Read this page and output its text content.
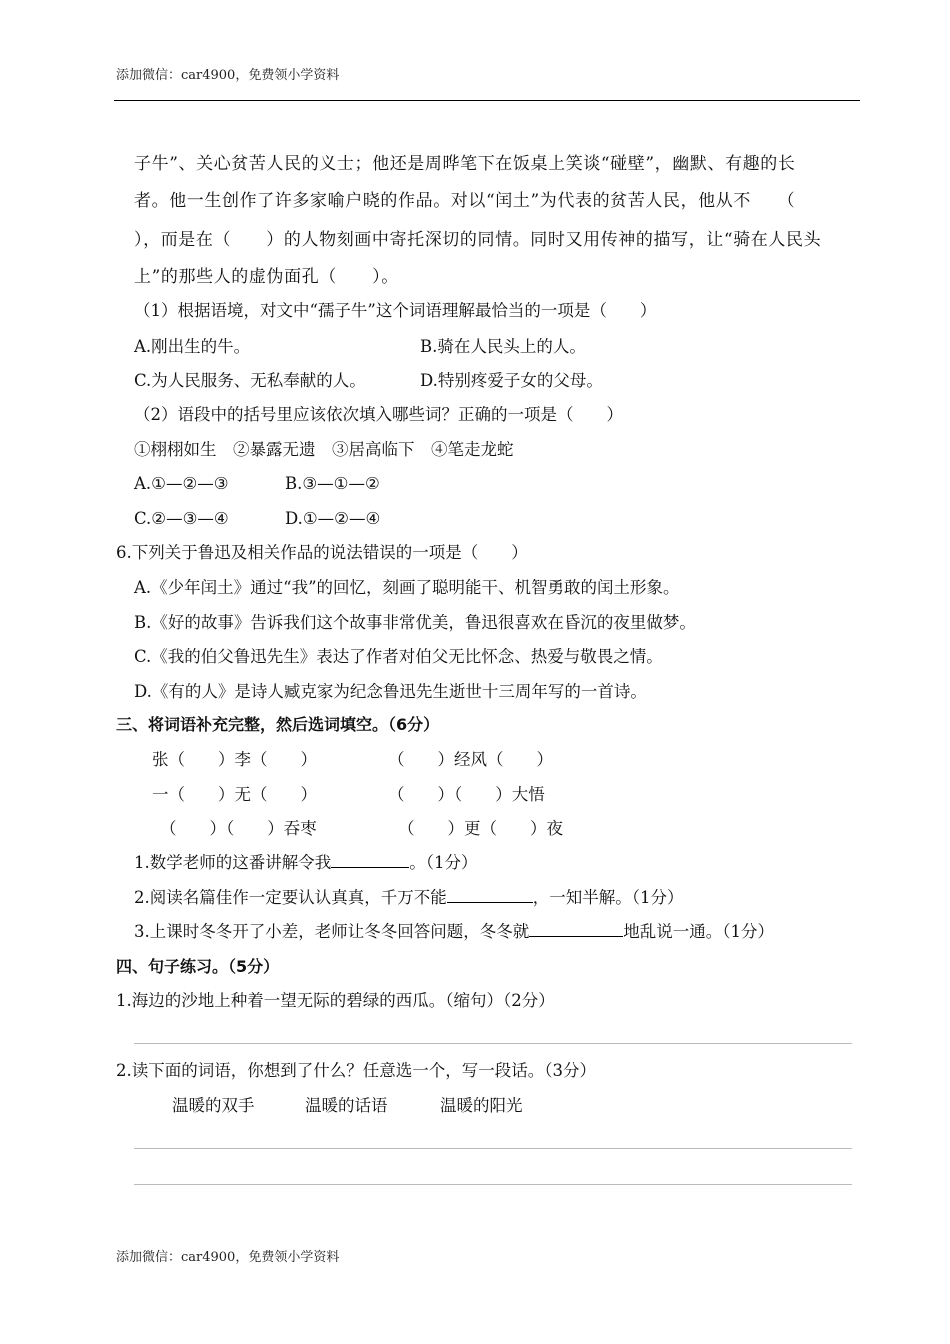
添加微信：car4900，免费领小学资料
子牛”、关心贫苦人民的义士；他还是周晔笔下在饭桌上笑谈“碰壁”，幽默、有趣的长
者。他一生创作了许多家喻户晓的作品。对以“闰土”为代表的贫苦人民，他从不　　（
），而是在（　　）的人物刻画中寄托深切的同情。同时又用传神的描写，让“骑在人民头
上”的那些人的虚伪面孔（　　）。
（1）根据语境，对文中“孺子牛”这个词语理解最恰当的一项是（　　）
A.刚出生的牛。	B.骑在人民头上的人。
C.为人民服务、无私奉献的人。	D.特别疼爱子女的父母。
（2）语段中的括号里应该依次填入哪些词？正确的一项是（　　）
①栩栩如生　②暴露无遗　③居高临下　④笔走龙蛇
A.①—②—③	B.③—①—②
C.②—③—④	D.①—②—④
6.下列关于鲁迅及相关作品的说法错误的一项是（　　）
A.《少年闰土》通过“我”的回忆，刻画了聪明能干、机智勇敢的闰土形象。
B.《好的故事》告诉我们这个故事非常优美，鲁迅很喜欢在昏沉的夜里做梦。
C.《我的伯父鲁迅先生》表达了作者对伯父无比怀念、热爱与敬畏之情。
D.《有的人》是诗人臧克家为纪念鲁迅先生逝世十三周年写的一首诗。
三、将词语补充完整，然后选词填空。（6分）
张（　　）李（　　）	（　　）经风（　　）
一（　　）无（　　）	（　　）（　　）大悟
（　　）（　　）吞枣	（　　）更（　　）夜
1.数学老师的这番讲解令我	。（1分）
2.阅读名篇佳作一定要认认真真，千万不能	，一知半解。（1分）
3.上课时冬冬开了小差，老师让冬冬回答问题，冬冬就	地乱说一通。（1分）
四、句子练习。（5分）
1.海边的沙地上种着一望无际的碧绿的西瓜。（缩句）（2分）
2.读下面的词语，你想到了什么？任意选一个，写一段话。（3分）
温暖的双手	温暖的话语	温暖的阳光
添加微信：car4900，免费领小学资料
